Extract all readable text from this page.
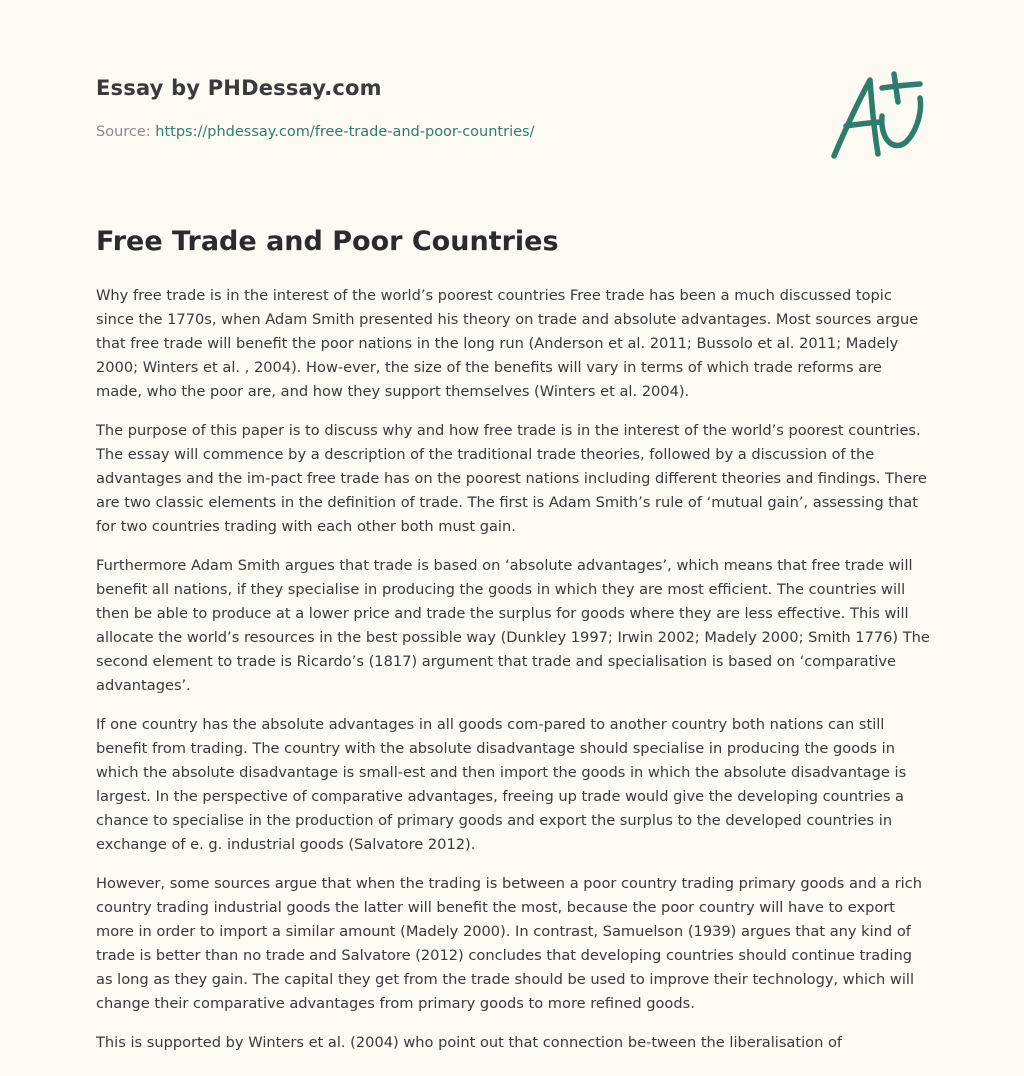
Essay by PHDessay.com
Source: https://phdessay.com/free-trade-and-poor-countries/
Free Trade and Poor Countries

Why free trade is in the interest of the world’s poorest countries Free trade has been a much discussed topic since the 1770s, when Adam Smith presented his theory on trade and absolute advantages. Most sources argue that free trade will benefit the poor nations in the long run (Anderson et al. 2011; Bussolo et al. 2011; Madely 2000; Winters et al. , 2004). How-ever, the size of the benefits will vary in terms of which trade reforms are made, who the poor are, and how they support themselves (Winters et al. 2004).

The purpose of this paper is to discuss why and how free trade is in the interest of the world’s poorest countries. The essay will commence by a description of the traditional trade theories, followed by a discussion of the advantages and the im-pact free trade has on the poorest nations including different theories and findings. There are two classic elements in the definition of trade. The first is Adam Smith’s rule of ‘mutual gain’, assessing that for two countries trading with each other both must gain.

Furthermore Adam Smith argues that trade is based on ‘absolute advantages’, which means that free trade will benefit all nations, if they specialise in producing the goods in which they are most efficient. The countries will then be able to produce at a lower price and trade the surplus for goods where they are less effective. This will allocate the world’s resources in the best possible way (Dunkley 1997; Irwin 2002; Madely 2000; Smith 1776) The second element to trade is Ricardo’s (1817) argument that trade and specialisation is based on ‘comparative advantages’.

If one country has the absolute advantages in all goods com-pared to another country both nations can still benefit from trading. The country with the absolute disadvantage should specialise in producing the goods in which the absolute disadvantage is small-est and then import the goods in which the absolute disadvantage is largest. In the perspective of comparative advantages, freeing up trade would give the developing countries a chance to specialise in the production of primary goods and export the surplus to the developed countries in exchange of e. g. industrial goods (Salvatore 2012).

However, some sources argue that when the trading is between a poor country trading primary goods and a rich country trading industrial goods the latter will benefit the most, because the poor country will have to export more in order to import a similar amount (Madely 2000). In contrast, Samuelson (1939) argues that any kind of trade is better than no trade and Salvatore (2012) concludes that developing countries should continue trading as long as they gain. The capital they get from the trade should be used to improve their technology, which will change their comparative advantages from primary goods to more refined goods.

This is supported by Winters et al. (2004) who point out that connection be-tween the liberalisation of
